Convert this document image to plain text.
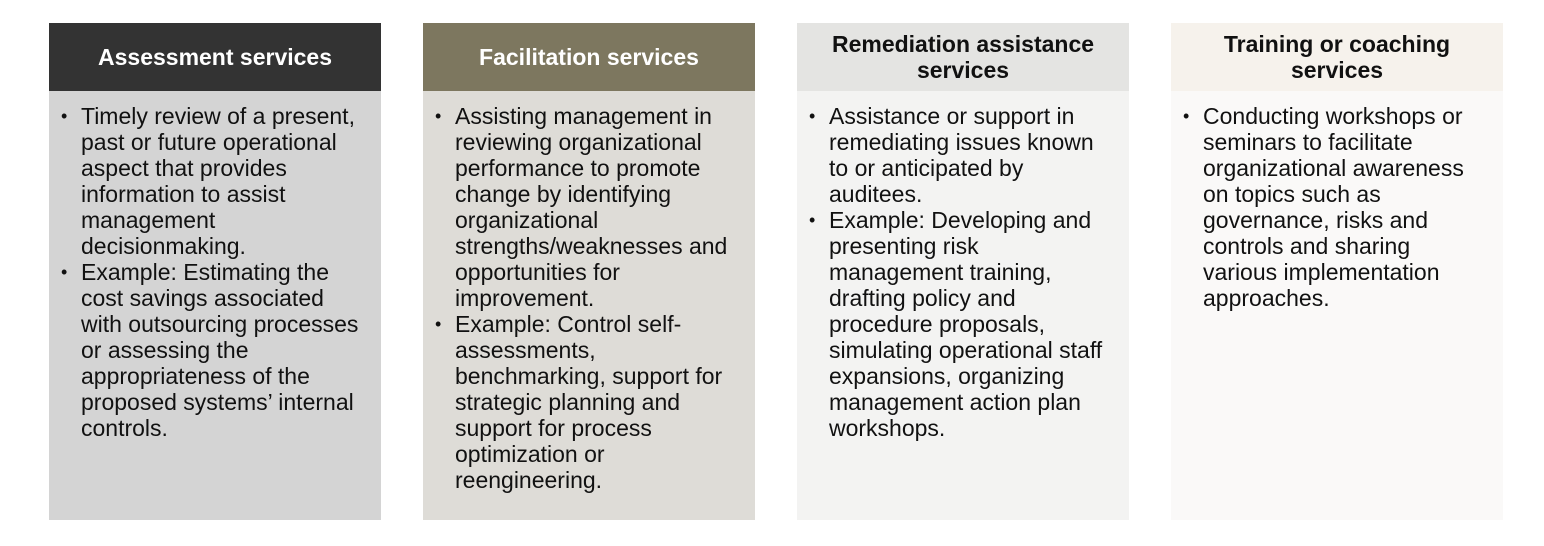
Assessment services
• Timely review of a present, past or future operational aspect that provides information to assist management decisionmaking.
• Example: Estimating the cost savings associated with outsourcing processes or assessing the appropriateness of the proposed systems’ internal controls.
Facilitation services
• Assisting management in reviewing organizational performance to promote change by identifying organizational strengths/weaknesses and opportunities for improvement.
• Example: Control self-assessments, benchmarking, support for strategic planning and support for process optimization or reengineering.
Remediation assistance services
• Assistance or support in remediating issues known to or anticipated by auditees.
• Example: Developing and presenting risk management training, drafting policy and procedure proposals, simulating operational staff expansions, organizing management action plan workshops.
Training or coaching services
• Conducting workshops or seminars to facilitate organizational awareness on topics such as governance, risks and controls and sharing various implementation approaches.
